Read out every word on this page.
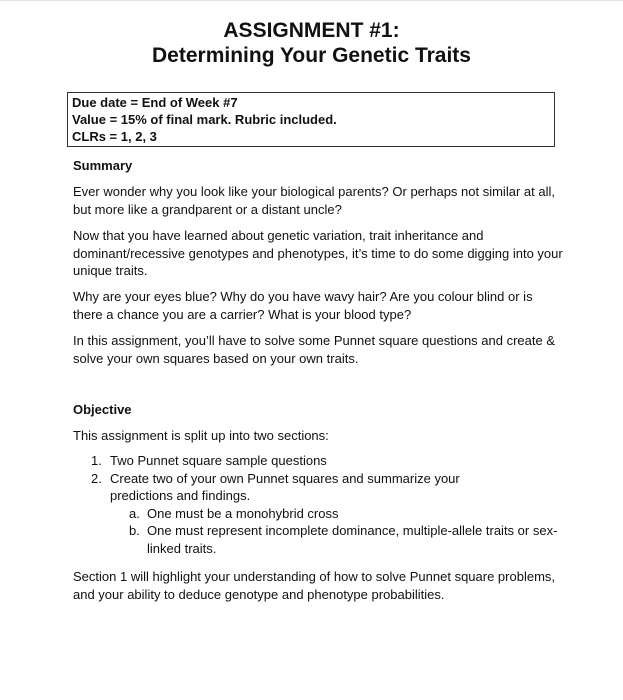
ASSIGNMENT #1:
Determining Your Genetic Traits
Due date = End of Week #7
Value = 15% of final mark. Rubric included.
CLRs = 1, 2, 3
Summary

Ever wonder why you look like your biological parents? Or perhaps not similar at all, but more like a grandparent or a distant uncle?

Now that you have learned about genetic variation, trait inheritance and dominant/recessive genotypes and phenotypes, it’s time to do some digging into your unique traits.

Why are your eyes blue? Why do you have wavy hair? Are you colour blind or is there a chance you are a carrier? What is your blood type?

In this assignment, you’ll have to solve some Punnet square questions and create & solve your own squares based on your own traits.

Objective

This assignment is split up into two sections:

1. Two Punnet square sample questions
2. Create two of your own Punnet squares and summarize your predictions and findings.
a. One must be a monohybrid cross
b. One must represent incomplete dominance, multiple-allele traits or sex-linked traits.

Section 1 will highlight your understanding of how to solve Punnet square problems, and your ability to deduce genotype and phenotype probabilities.
